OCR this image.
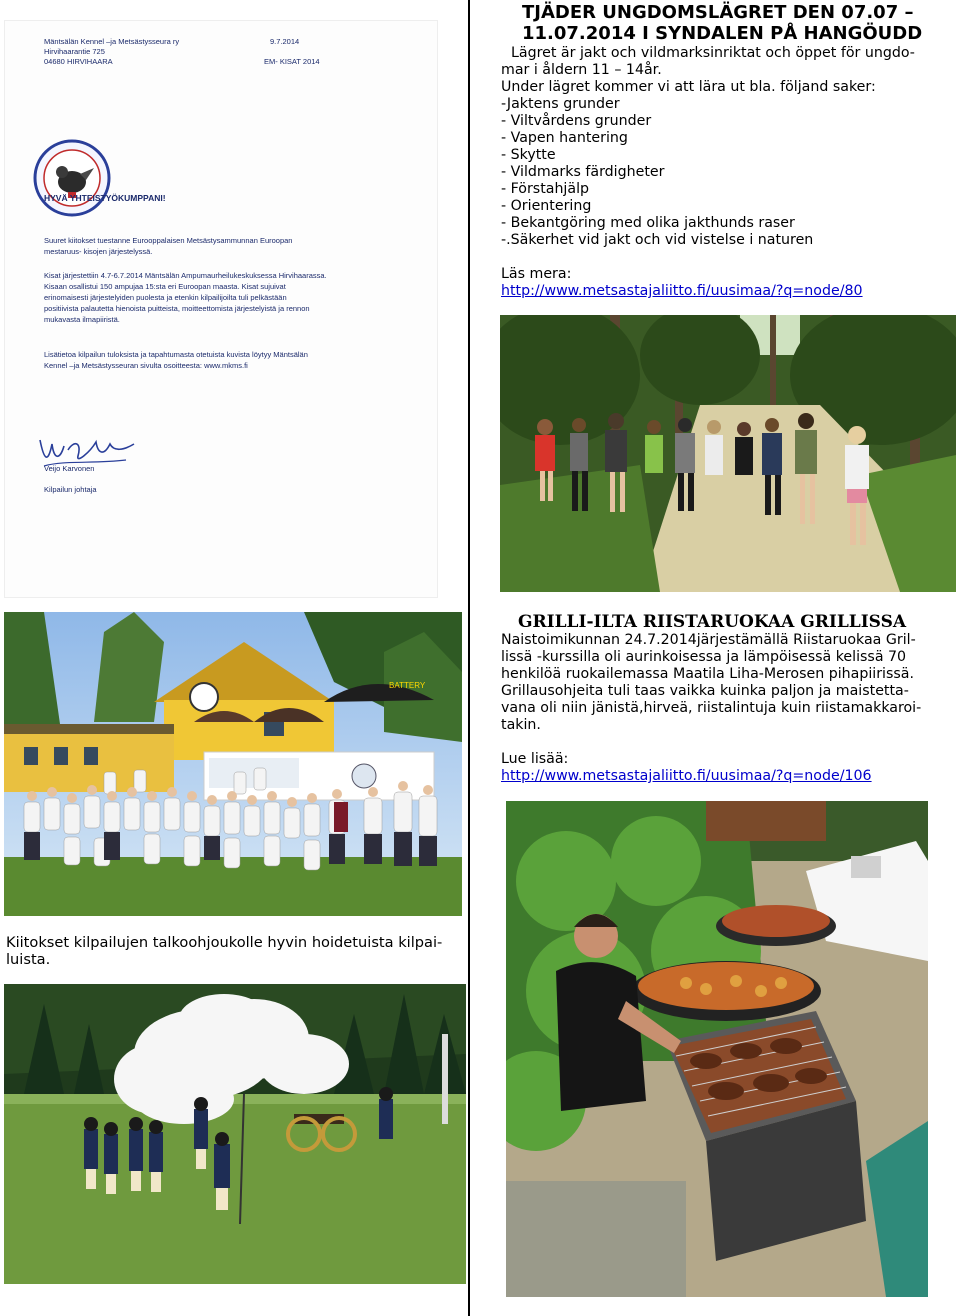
Mäntsälän Kennel –ja Metsästysseura ry
Hirvihaarantie 725
04680 HIRVIHAARA
9.7.2014
EM- KISAT 2014
HYVÄ YHTEISTYÖKUMPPANI!
Suuret kiitokset tuestanne Eurooppalaisen Metsästysammunnan Euroopan
mestaruus- kisojen järjestelyssä.
Kisat järjestettiin 4.7-6.7.2014 Mäntsälän Ampumaurheilukeskuksessa Hirvihaarassa.
Kisaan osallistui 150 ampujaa 15:sta eri Euroopan maasta. Kisat sujuivat
erinomaisesti järjestelyiden puolesta ja etenkin kilpailijoilta tuli pelkästään
positiivista palautetta hienoista puitteista, moitteettomista järjestelyistä ja rennon
mukavasta ilmapiiristä.
Lisätietoa kilpailun tuloksista ja tapahtumasta otetuista kuvista löytyy Mäntsälän
Kennel –ja Metsästysseuran sivulta osoitteesta: www.mkms.fi
Veijo Karvonen
Kilpailun johtaja
BATTERY
Kiitokset kilpailujen talkoohjoukolle hyvin hoidetuista kilpai-
luista.
TJÄDER UNGDOMSLÄGRET DEN 07.07 –
11.07.2014 I SYNDALEN PÅ HANGÖUDD
Lägret är jakt och vildmarksinriktat och öppet för ungdo-
mar i åldern 11 – 14år.
Under lägret kommer vi att lära ut bla. följand saker:
-Jaktens grunder
- Viltvårdens grunder
- Vapen hantering
- Skytte
- Vildmarks färdigheter
- Förstahjälp
- Orientering
- Bekantgöring med olika jakthunds raser
-.Säkerhet vid jakt och vid vistelse i naturen
Läs mera:
http://www.metsastajaliitto.fi/uusimaa/?q=node/80
GRILLI-ILTA RIISTARUOKAA GRILLISSA
Naistoimikunnan 24.7.2014järjestämällä Riistaruokaa Gril-
lissä -kurssilla oli aurinkoisessa ja lämpöisessä kelissä 70
henkilöä ruokailemassa Maatila Liha-Merosen pihapiirissä.
Grillausohjeita tuli taas vaikka kuinka paljon ja maistetta-
vana oli niin jänistä,hirveä, riistalintuja kuin riistamakkaroi-
takin.
Lue lisää:
http://www.metsastajaliitto.fi/uusimaa/?q=node/106
